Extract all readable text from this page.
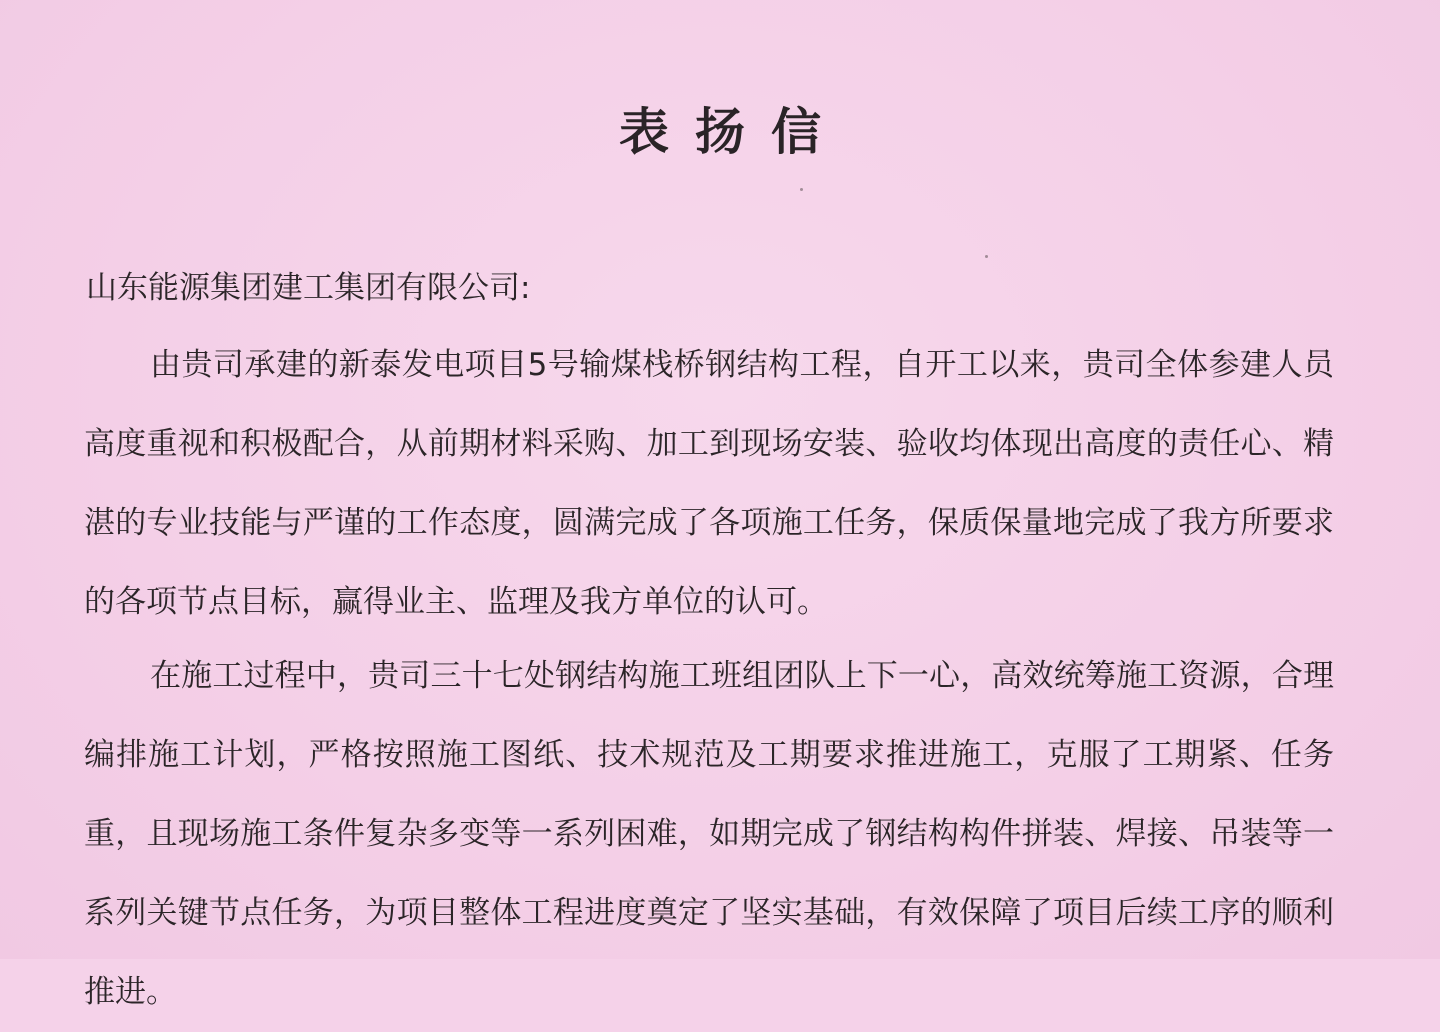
表扬信

山东能源集团建工集团有限公司:

由贵司承建的新泰发电项目5号输煤栈桥钢结构工程，自开工以来，贵司全体参建人员高度重视和积极配合，从前期材料采购、加工到现场安装、验收均体现出高度的责任心、精湛的专业技能与严谨的工作态度，圆满完成了各项施工任务，保质保量地完成了我方所要求的各项节点目标，赢得业主、监理及我方单位的认可。

在施工过程中，贵司三十七处钢结构施工班组团队上下一心，高效统筹施工资源，合理编排施工计划，严格按照施工图纸、技术规范及工期要求推进施工，克服了工期紧、任务重，且现场施工条件复杂多变等一系列困难，如期完成了钢结构构件拼装、焊接、吊装等一系列关键节点任务，为项目整体工程进度奠定了坚实基础，有效保障了项目后续工序的顺利推进。
